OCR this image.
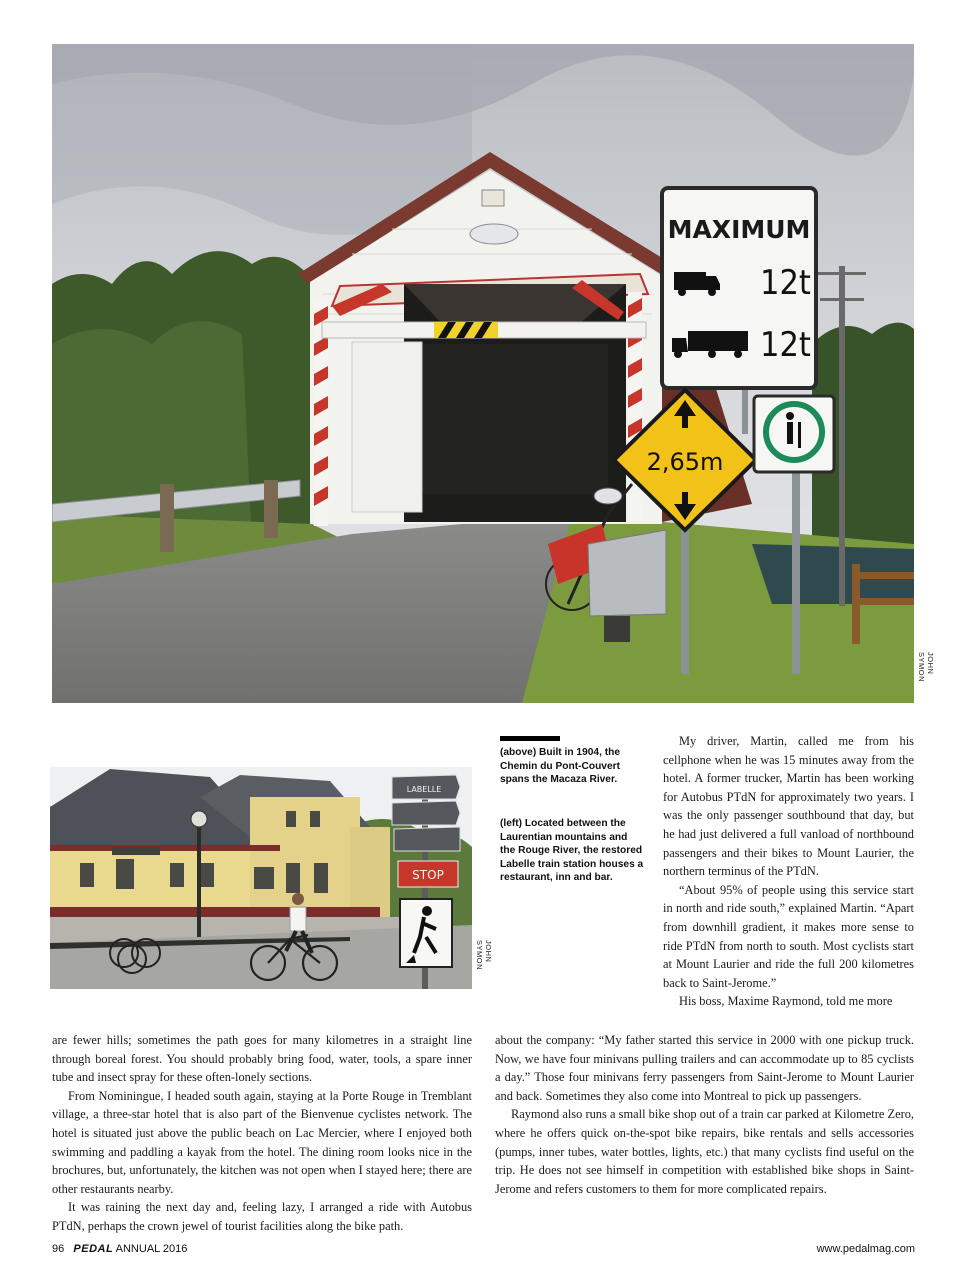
MAXIMUM
12t
12t
2,65m
JOHN SYMON
LABELLE
STOP
JOHN SYMON
(above) Built in 1904, the Chemin du Pont-Couvert spans the Macaza River.
(left) Located between the Laurentian mountains and the Rouge River, the restored Labelle train station houses a restaurant, inn and bar.

My driver, Martin, called me from his cellphone when he was 15 minutes away from the hotel. A former trucker, Martin has been working for Autobus PTdN for approximately two years. I was the only passenger southbound that day, but he had just delivered a full vanload of northbound passengers and their bikes to Mount Laurier, the northern terminus of the PTdN.

“About 95% of people using this service start in north and ride south,” explained Martin. “Apart from downhill gradient, it makes more sense to ride PTdN from north to south. Most cyclists start at Mount Laurier and ride the full 200 kilometres back to Saint-Jerome.”

His boss, Maxime Raymond, told me more

are fewer hills; sometimes the path goes for many kilometres in a straight line through boreal forest. You should probably bring food, water, tools, a spare inner tube and insect spray for these often-lonely sections.

From Nominingue, I headed south again, staying at la Porte Rouge in Tremblant village, a three-star hotel that is also part of the Bienvenue cyclistes network. The hotel is situated just above the public beach on Lac Mercier, where I enjoyed both swimming and paddling a kayak from the hotel. The dining room looks nice in the brochures, but, unfortunately, the kitchen was not open when I stayed here; there are other restaurants nearby.

It was raining the next day and, feeling lazy, I arranged a ride with Autobus PTdN, perhaps the crown jewel of tourist facilities along the bike path.

about the company: “My father started this service in 2000 with one pickup truck. Now, we have four minivans pulling trailers and can accommodate up to 85 cyclists a day.” Those four minivans ferry passengers from Saint-Jerome to Mount Laurier and back. Sometimes they also come into Montreal to pick up passengers.

Raymond also runs a small bike shop out of a train car parked at Kilometre Zero, where he offers quick on-the-spot bike repairs, bike rentals and sells accessories (pumps, inner tubes, water bottles, lights, etc.) that many cyclists find useful on the trip. He does not see himself in competition with established bike shops in Saint-Jerome and refers customers to them for more complicated repairs.

96 PEDAL ANNUAL 2016	www.pedalmag.com
